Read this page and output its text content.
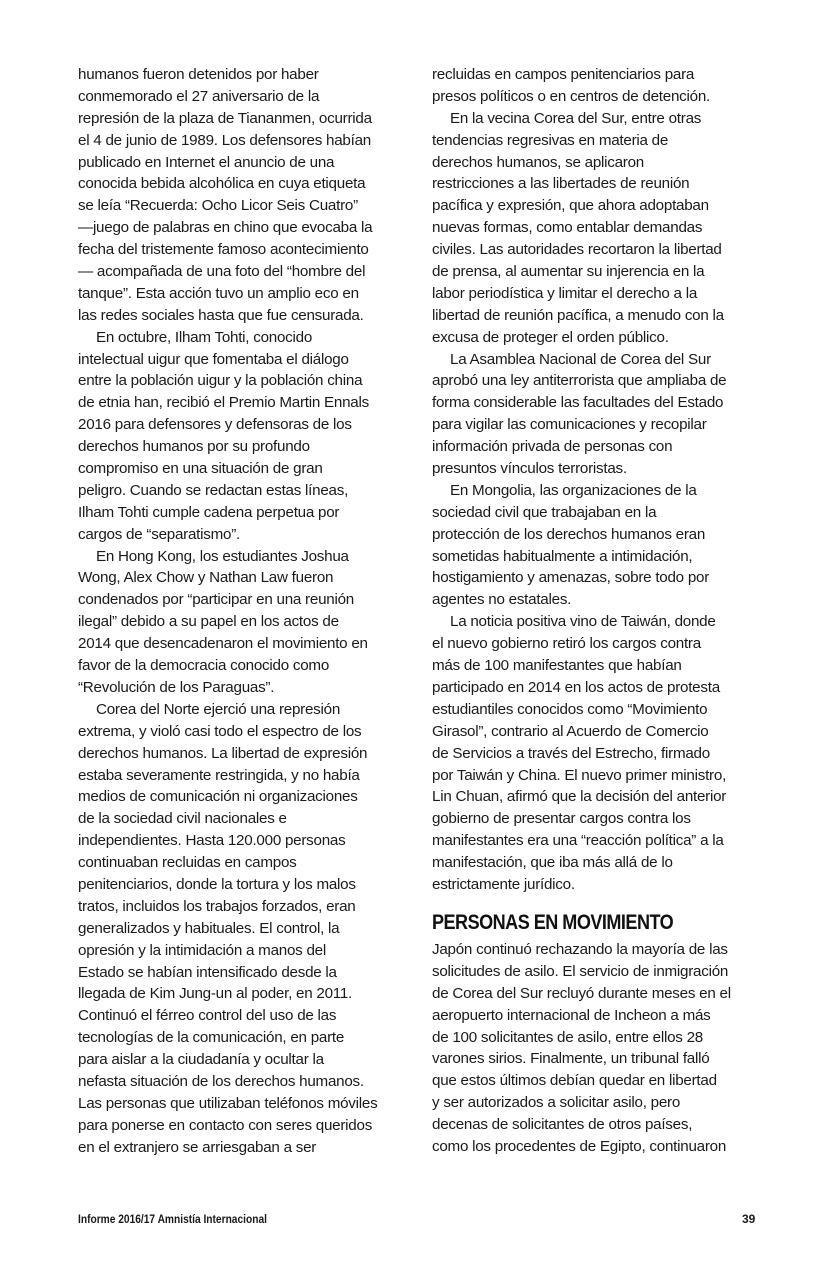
humanos fueron detenidos por haber
conmemorado el 27 aniversario de la
represión de la plaza de Tiananmen, ocurrida
el 4 de junio de 1989. Los defensores habían
publicado en Internet el anuncio de una
conocida bebida alcohólica en cuya etiqueta
se leía “Recuerda: Ocho Licor Seis Cuatro”
—juego de palabras en chino que evocaba la
fecha del tristemente famoso acontecimiento
— acompañada de una foto del “hombre del
tanque”. Esta acción tuvo un amplio eco en
las redes sociales hasta que fue censurada.
En octubre, Ilham Tohti, conocido
intelectual uigur que fomentaba el diálogo
entre la población uigur y la población china
de etnia han, recibió el Premio Martin Ennals
2016 para defensores y defensoras de los
derechos humanos por su profundo
compromiso en una situación de gran
peligro. Cuando se redactan estas líneas,
Ilham Tohti cumple cadena perpetua por
cargos de “separatismo”.
En Hong Kong, los estudiantes Joshua
Wong, Alex Chow y Nathan Law fueron
condenados por “participar en una reunión
ilegal” debido a su papel en los actos de
2014 que desencadenaron el movimiento en
favor de la democracia conocido como
“Revolución de los Paraguas”.
Corea del Norte ejerció una represión
extrema, y violó casi todo el espectro de los
derechos humanos. La libertad de expresión
estaba severamente restringida, y no había
medios de comunicación ni organizaciones
de la sociedad civil nacionales e
independientes. Hasta 120.000 personas
continuaban recluidas en campos
penitenciarios, donde la tortura y los malos
tratos, incluidos los trabajos forzados, eran
generalizados y habituales. El control, la
opresión y la intimidación a manos del
Estado se habían intensificado desde la
llegada de Kim Jung-un al poder, en 2011.
Continuó el férreo control del uso de las
tecnologías de la comunicación, en parte
para aislar a la ciudadanía y ocultar la
nefasta situación de los derechos humanos.
Las personas que utilizaban teléfonos móviles
para ponerse en contacto con seres queridos
en el extranjero se arriesgaban a ser
recluidas en campos penitenciarios para
presos políticos o en centros de detención.
En la vecina Corea del Sur, entre otras
tendencias regresivas en materia de
derechos humanos, se aplicaron
restricciones a las libertades de reunión
pacífica y expresión, que ahora adoptaban
nuevas formas, como entablar demandas
civiles. Las autoridades recortaron la libertad
de prensa, al aumentar su injerencia en la
labor periodística y limitar el derecho a la
libertad de reunión pacífica, a menudo con la
excusa de proteger el orden público.
La Asamblea Nacional de Corea del Sur
aprobó una ley antiterrorista que ampliaba de
forma considerable las facultades del Estado
para vigilar las comunicaciones y recopilar
información privada de personas con
presuntos vínculos terroristas.
En Mongolia, las organizaciones de la
sociedad civil que trabajaban en la
protección de los derechos humanos eran
sometidas habitualmente a intimidación,
hostigamiento y amenazas, sobre todo por
agentes no estatales.
La noticia positiva vino de Taiwán, donde
el nuevo gobierno retiró los cargos contra
más de 100 manifestantes que habían
participado en 2014 en los actos de protesta
estudiantiles conocidos como “Movimiento
Girasol”, contrario al Acuerdo de Comercio
de Servicios a través del Estrecho, firmado
por Taiwán y China. El nuevo primer ministro,
Lin Chuan, afirmó que la decisión del anterior
gobierno de presentar cargos contra los
manifestantes era una “reacción política” a la
manifestación, que iba más allá de lo
estrictamente jurídico.
PERSONAS EN MOVIMIENTO
Japón continuó rechazando la mayoría de las
solicitudes de asilo. El servicio de inmigración
de Corea del Sur recluyó durante meses en el
aeropuerto internacional de Incheon a más
de 100 solicitantes de asilo, entre ellos 28
varones sirios. Finalmente, un tribunal falló
que estos últimos debían quedar en libertad
y ser autorizados a solicitar asilo, pero
decenas de solicitantes de otros países,
como los procedentes de Egipto, continuaron
Informe 2016/17 Amnistía Internacional	39
